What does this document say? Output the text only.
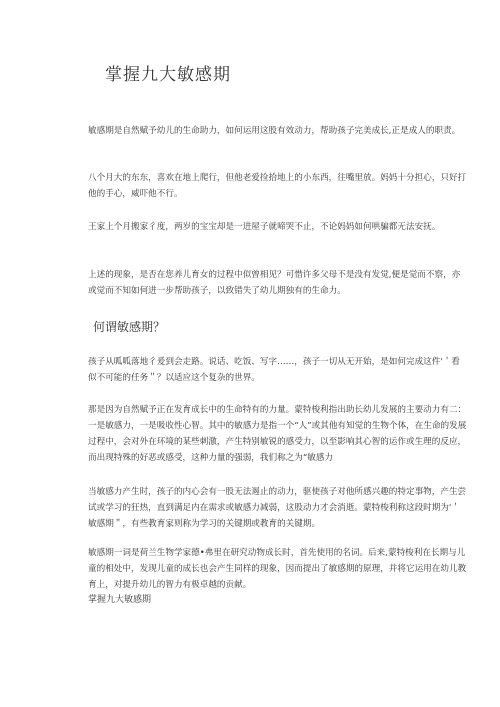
掌握九大敏感期

敏感期是自然赋予幼儿的生命助力，如何运用这股有效动力，帮助孩子完美成长,正是成人的职责。

八个月大的东东，喜欢在地上爬行，但他老爱捡拾地上的小东西，往嘴里放。妈妈十分担心，只好打他的手心，威吓他不行。

王家上个月搬家彳度，两岁的宝宝却是一进屋子就啼哭不止，不论妈妈如何哄骗都无法安抚。

上述的现象，是否在您养儿育女的过程中似曾相见？可惜许多父母不是没有发觉,便是觉而不察，亦或觉而不知如何进一步帮助孩子，以致错失了幼儿期独有的生命力。

何谓敏感期？

孩子从呱呱落地彳爰到会走路。说话、吃饭、写字……，孩子一切从无开始，是如何完成这件'＇看似不可能的任务＂？以适应这个复杂的世界。

那是因为自然赋予正在发育成长中的生命特有的力量。蒙特梭利指出助长幼儿发展的主要动力有二：一是敏感力，一是吸收性心智。其中的敏感力是指一个“人”或其他有知觉的生物个体，在生命的发展过程中，会对外在环境的某些刺激，产生特别敏锐的感受力，以至影响其心智的运作或生理的反应，而出现特殊的好恶或感受，这种力量的强弱，我们称之为“敏感力

当敏感力产生时，孩子的内心会有一股无法遏止的动力，驱使孩子对他所感兴趣的特定事物，产生尝试或学习的狂热，直到满足内在需求或敏感力减弱，这股动力才会消逝。蒙特梭利称这段时期为'＇敏感期＂，有些教育家则称为学习的关键期或教育的关键期。

敏感期一词是荷兰生物学家德•弗里在研究动物成长时，首先使用的名词。后来,蒙特梭利在长期与儿童的相处中，发现儿童的成长也会产生同样的现象，因而提出了敏感期的原理，并将它运用在幼儿教育上，对提升幼儿的智力有极卓越的贡献。

掌握九大敏感期
